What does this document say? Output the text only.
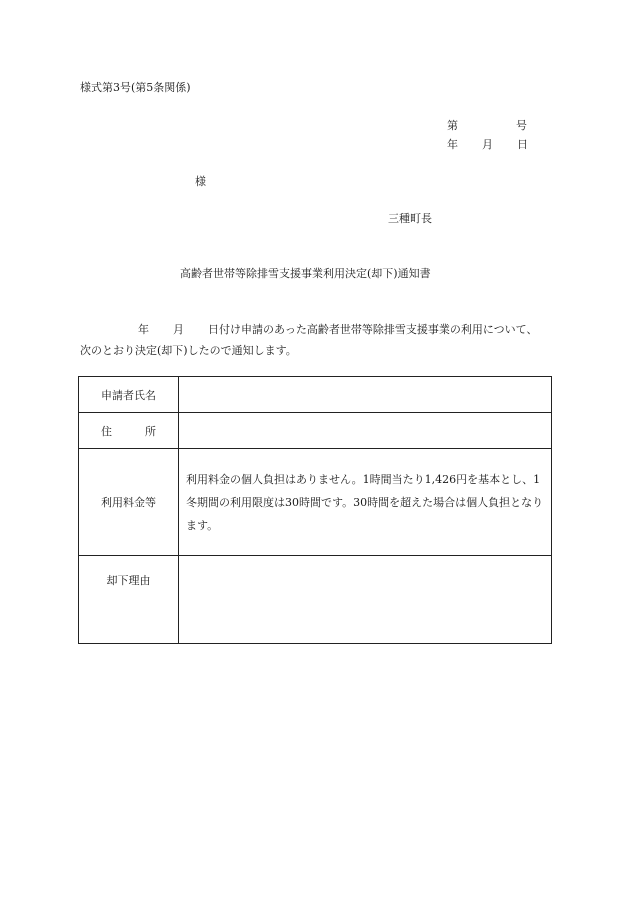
様式第3号(第5条関係)
第	号
年 月 日
様
三種町長
高齢者世帯等除排雪支援事業利用決定(却下)通知書
年 月 日付け申請のあった高齢者世帯等除排雪支援事業の利用について、
次のとおり決定(却下)したので通知します。
申請者氏名	
住 所	
利用料金等	利用料金の個人負担はありません。1時間当たり1,426円を基本とし、1冬期間の利用限度は30時間です。30時間を超えた場合は個人負担となります。
却下理由	
